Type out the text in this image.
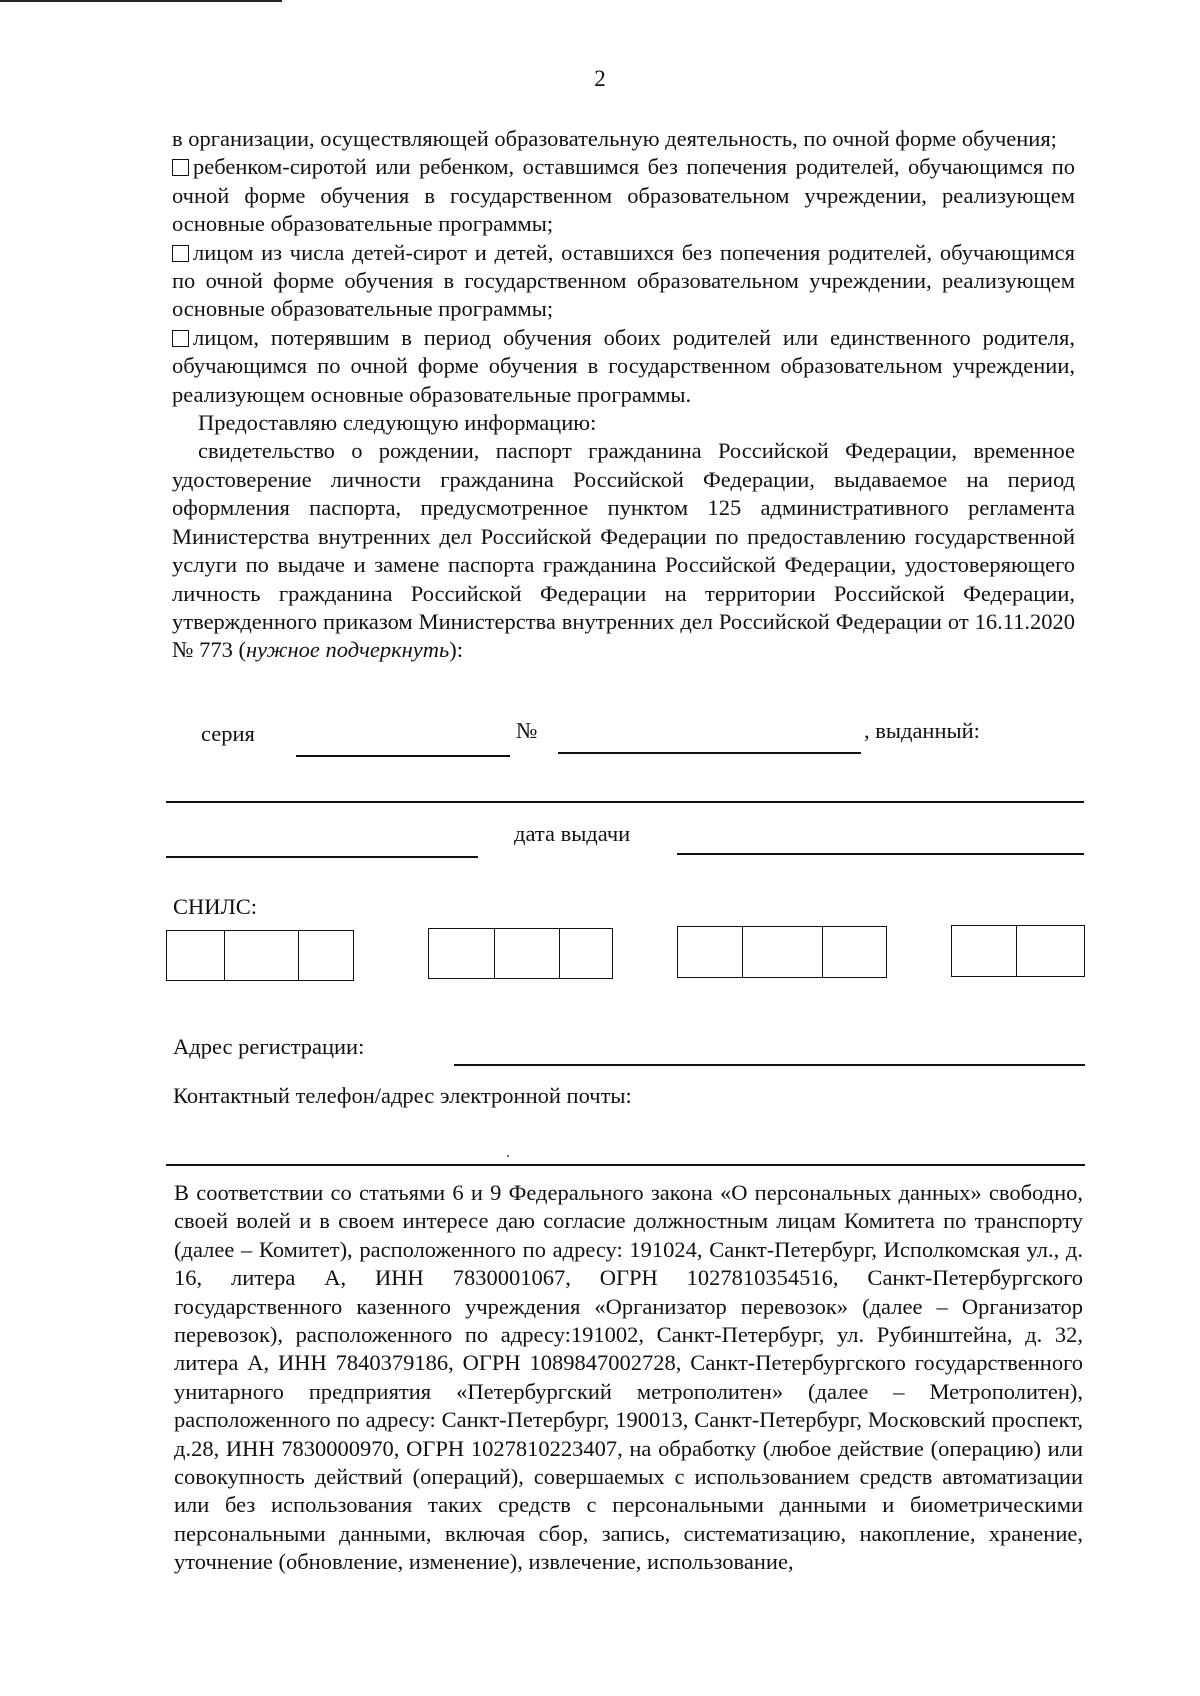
2

в организации, осуществляющей образовательную деятельность, по очной форме обучения;

ребенком-сиротой или ребенком, оставшимся без попечения родителей, обучающимся по очной форме обучения в государственном образовательном учреждении, реализующем основные образовательные программы;

лицом из числа детей-сирот и детей, оставшихся без попечения родителей, обучающимся по очной форме обучения в государственном образовательном учреждении, реализующем основные образовательные программы;

лицом, потерявшим в период обучения обоих родителей или единственного родителя, обучающимся по очной форме обучения в государственном образовательном учреждении, реализующем основные образовательные программы.

Предоставляю следующую информацию:

свидетельство о рождении, паспорт гражданина Российской Федерации, временное удостоверение личности гражданина Российской Федерации, выдаваемое на период оформления паспорта, предусмотренное пунктом 125 административного регламента Министерства внутренних дел Российской Федерации по предоставлению государственной услуги по выдаче и замене паспорта гражданина Российской Федерации, удостоверяющего личность гражданина Российской Федерации на территории Российской Федерации, утвержденного приказом Министерства внутренних дел Российской Федерации от 16.11.2020 № 773 (нужное подчеркнуть):

серия	№	, выданный:
дата выдачи
СНИЛС:
Адрес регистрации:
Контактный телефон/адрес электронной почты:

В соответствии со статьями 6 и 9 Федерального закона «О персональных данных» свободно, своей волей и в своем интересе даю согласие должностным лицам Комитета по транспорту (далее – Комитет), расположенного по адресу: 191024, Санкт-Петербург, Исполкомская ул., д. 16, литера А, ИНН 7830001067, ОГРН 1027810354516, Санкт-Петербургского государственного казенного учреждения «Организатор перевозок» (далее – Организатор перевозок), расположенного по адресу:191002, Санкт-Петербург, ул. Рубинштейна, д. 32, литера А, ИНН 7840379186, ОГРН 1089847002728, Санкт-Петербургского государственного унитарного предприятия «Петербургский метрополитен» (далее – Метрополитен), расположенного по адресу: Санкт-Петербург, 190013, Санкт-Петербург, Московский проспект, д.28, ИНН 7830000970, ОГРН 1027810223407, на обработку (любое действие (операцию) или совокупность действий (операций), совершаемых с использованием средств автоматизации или без использования таких средств с персональными данными и биометрическими персональными данными, включая сбор, запись, систематизацию, накопление, хранение, уточнение (обновление, изменение), извлечение, использование,
